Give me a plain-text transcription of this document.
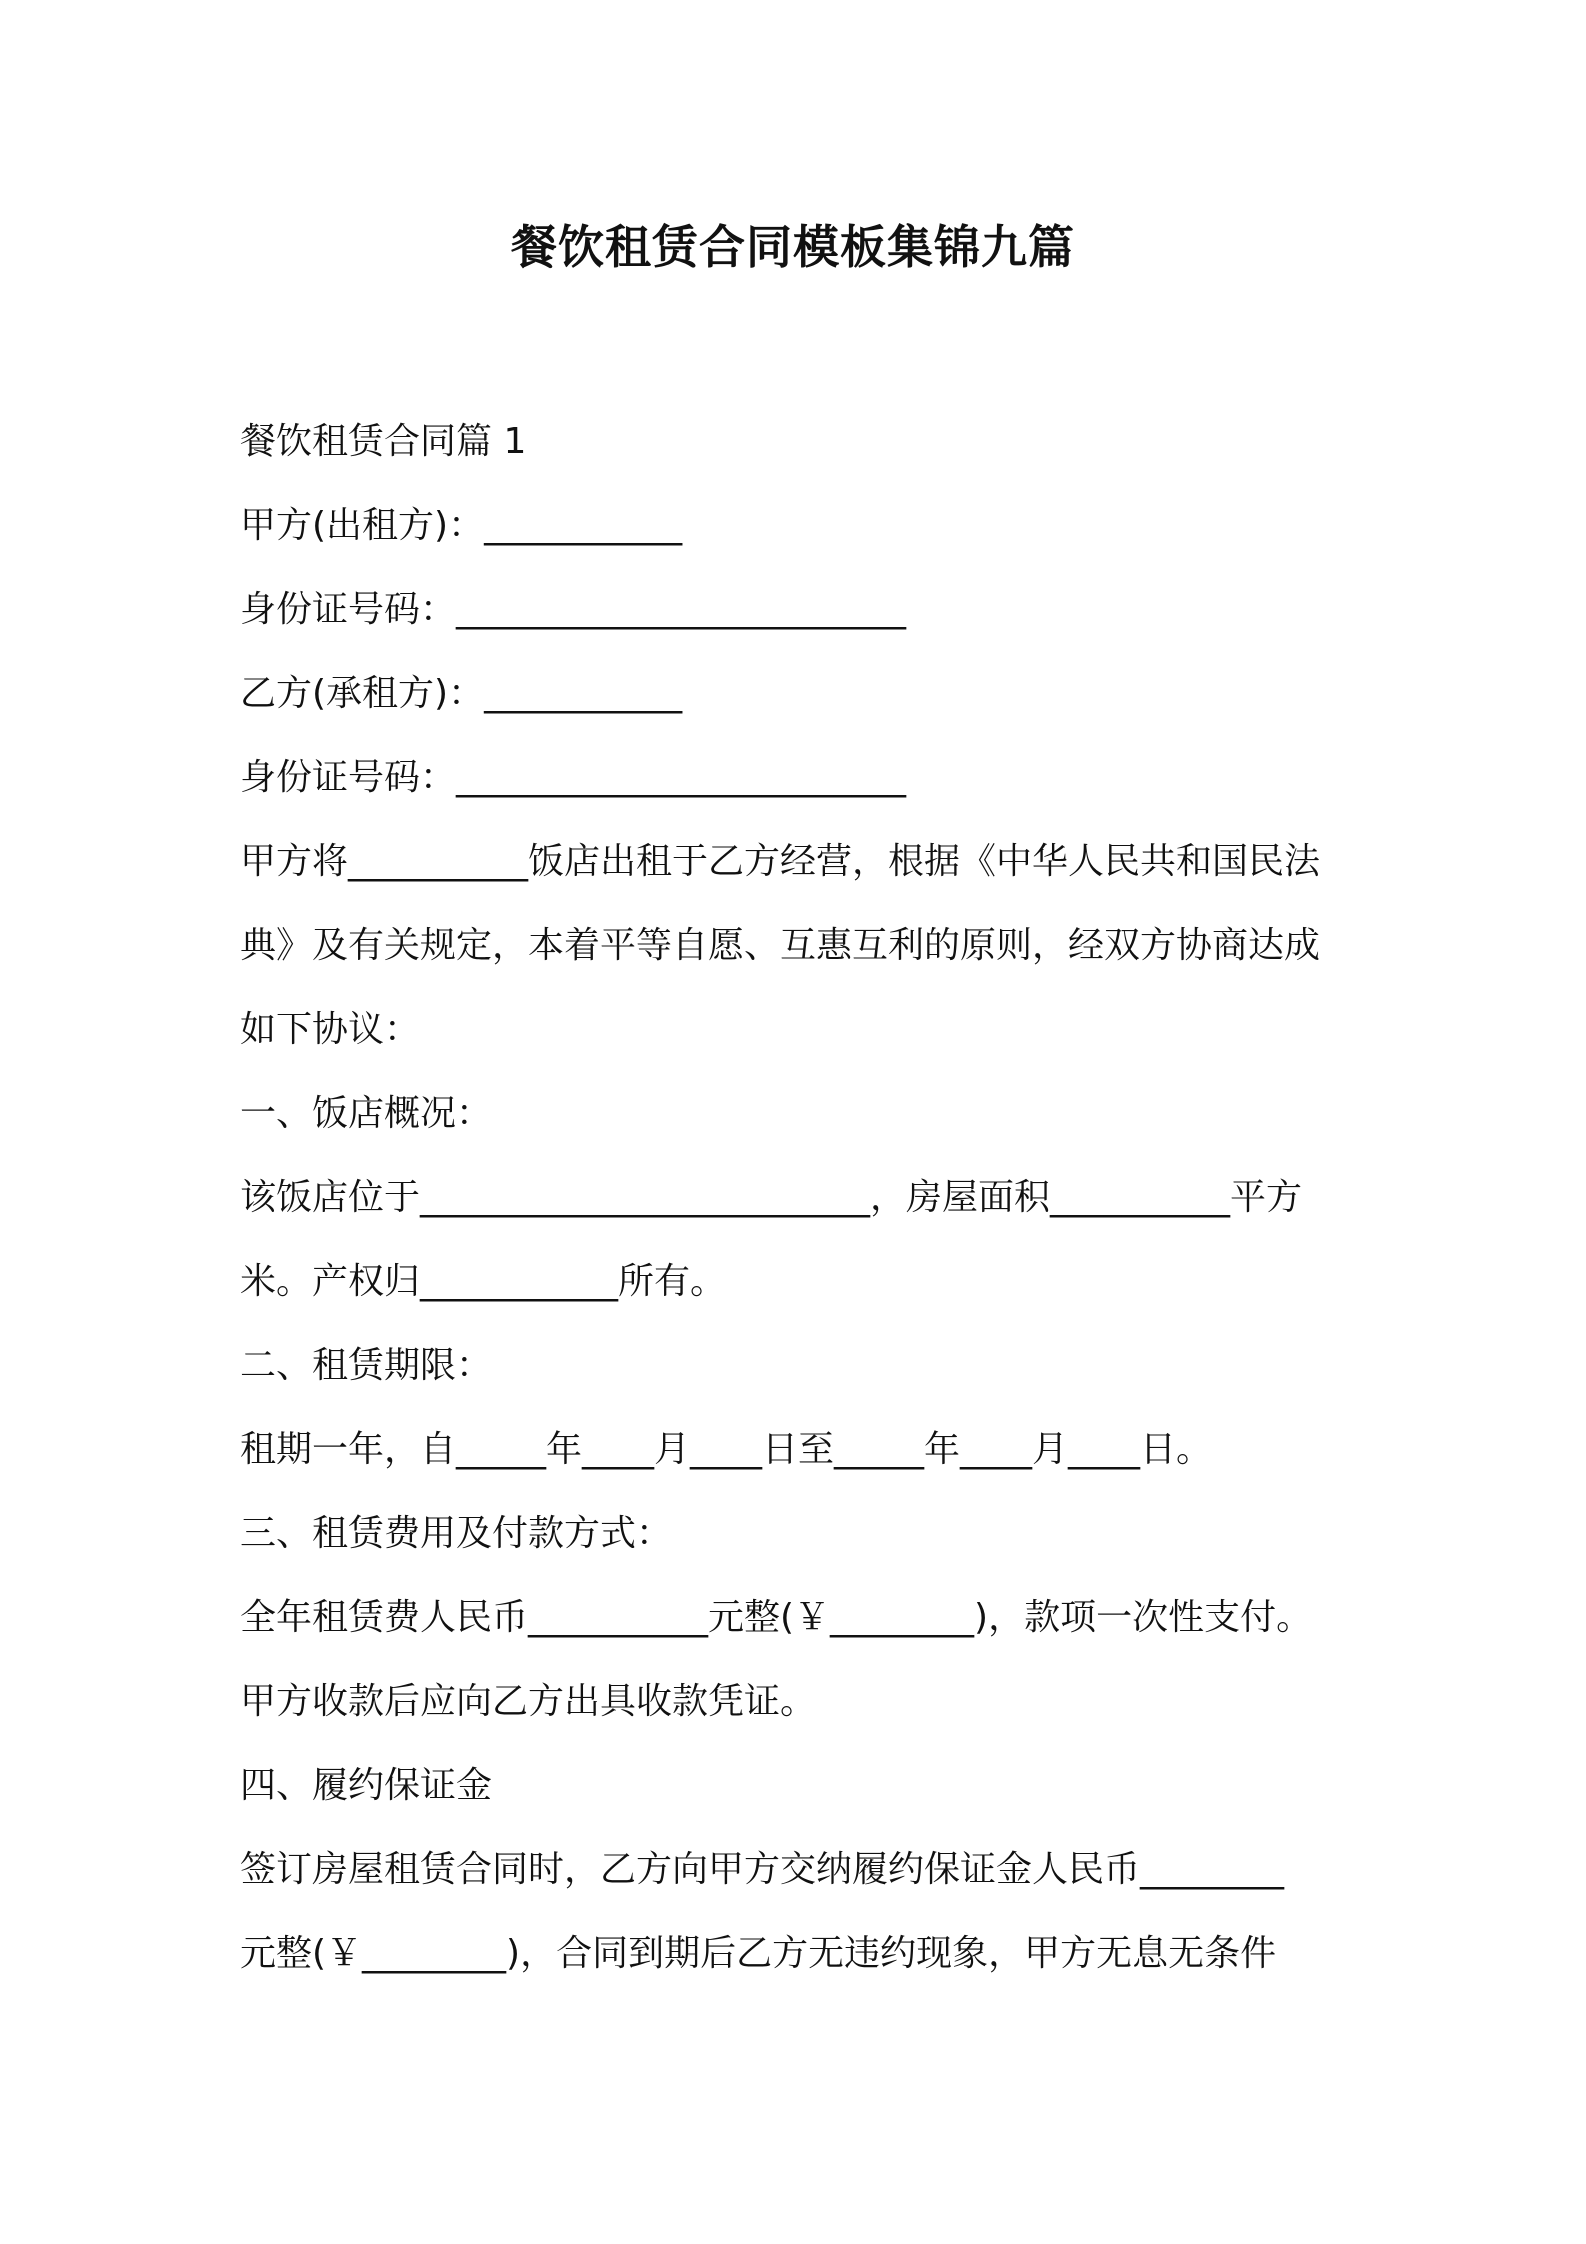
餐饮租赁合同模板集锦九篇
餐饮租赁合同篇 1
甲方(出租方)：___________
身份证号码：_________________________
乙方(承租方)：___________
身份证号码：_________________________
甲方将__________饭店出租于乙方经营，根据《中华人民共和国民法
典》及有关规定，本着平等自愿、互惠互利的原则，经双方协商达成
如下协议：
一、饭店概况：
该饭店位于_________________________，房屋面积__________平方
米。产权归___________所有。
二、租赁期限：
租期一年，自_____年____月____日至_____年____月____日。
三、租赁费用及付款方式：
全年租赁费人民币__________元整(￥________)，款项一次性支付。
甲方收款后应向乙方出具收款凭证。
四、履约保证金
签订房屋租赁合同时，乙方向甲方交纳履约保证金人民币________
元整(￥________)，合同到期后乙方无违约现象，甲方无息无条件
